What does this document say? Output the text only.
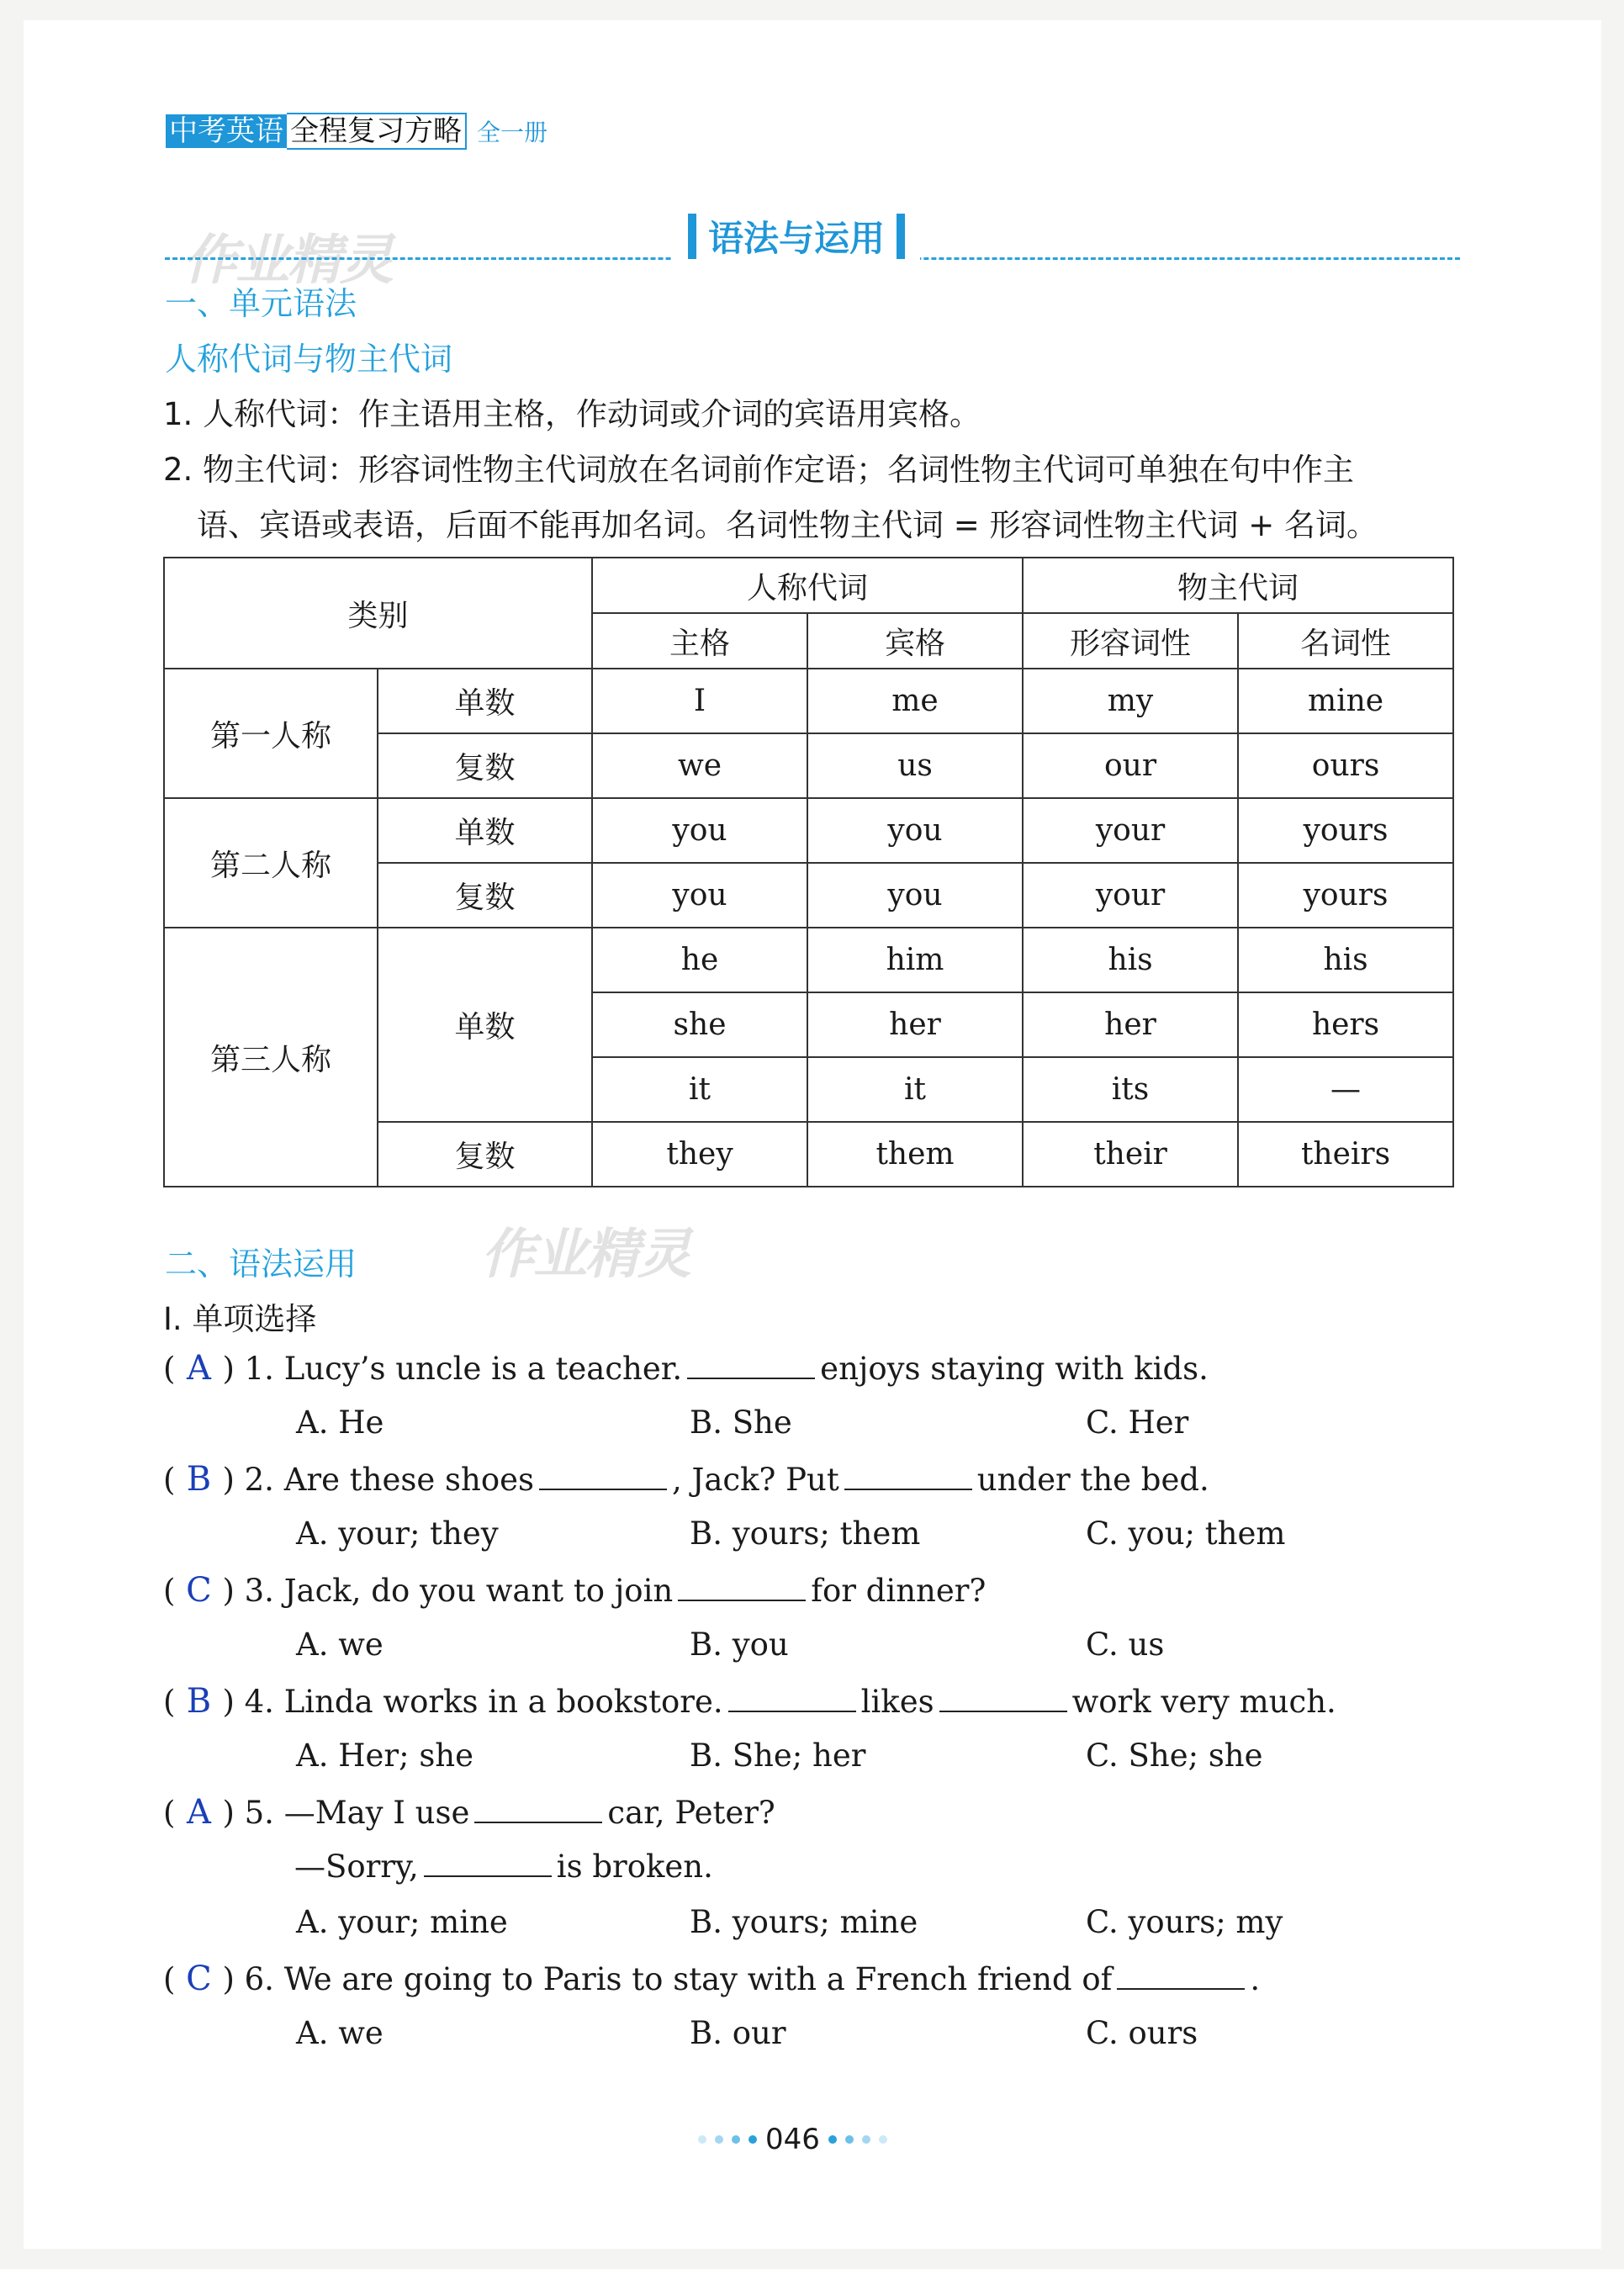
中考英语 全程复习方略 全一册
作业精灵	语法与运用
一、单元语法
人称代词与物主代词
1. 人称代词：作主语用主格，作动词或介词的宾语用宾格。
2. 物主代词：形容词性物主代词放在名词前作定语；名词性物主代词可单独在句中作主
语、宾语或表语，后面不能再加名词。名词性物主代词 = 形容词性物主代词 + 名词。
类别		人称代词		物主代词	
		主格	宾格	形容词性	名词性
第一人称	单数	I	me	my	mine
	复数	we	us	our	ours
第二人称	单数	you	you	your	yours
	复数	you	you	your	yours
第三人称	单数	he	him	his	his
		she	her	her	hers
		it	it	its	—
	复数	they	them	their	theirs
二、语法运用 作业精灵
I. 单项选择
( A ) 1. Lucy’s uncle is a teacher.	enjoys staying with kids.
A. He	B. She	C. Her
( B ) 2. Are these shoes	, Jack? Put	under the bed.
A. your; they	B. yours; them	C. you; them
( C ) 3. Jack, do you want to join	for dinner?
A. we	B. you	C. us
( B ) 4. Linda works in a bookstore.	likes	work very much.
A. Her; she	B. She; her	C. She; she
( A ) 5. —May I use	car, Peter?
—Sorry,	is broken.
A. your; mine	B. yours; mine	C. yours; my
( C ) 6. We are going to Paris to stay with a French friend of	.
A. we	B. our	C. ours
046
